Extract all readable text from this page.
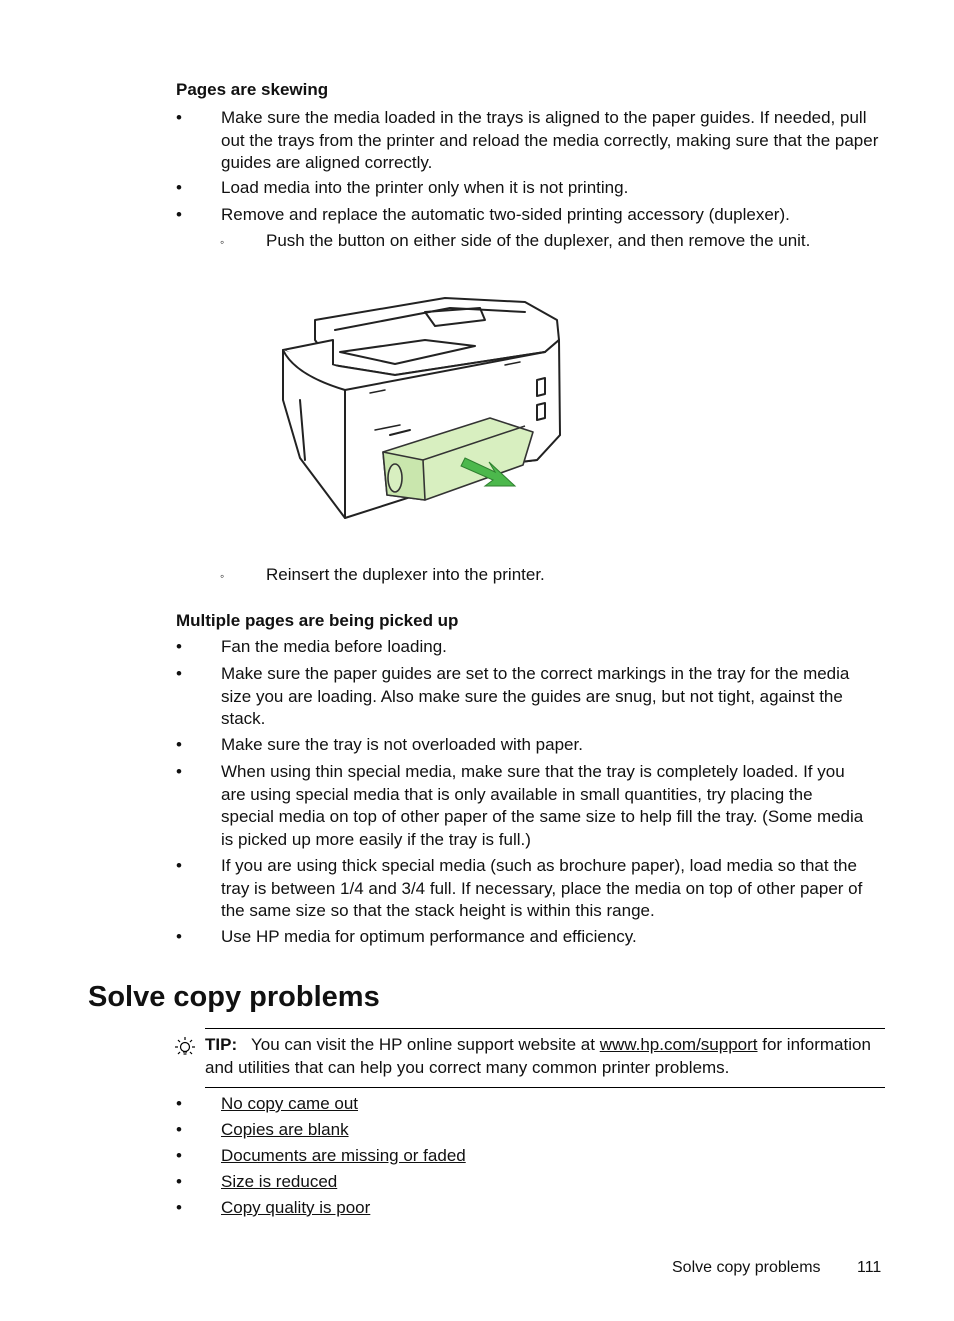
Pages are skewing
•	Make sure the media loaded in the trays is aligned to the paper guides. If needed, pull out the trays from the printer and reload the media correctly, making sure that the paper guides are aligned correctly.
•	Load media into the printer only when it is not printing.
•	Remove and replace the automatic two-sided printing accessory (duplexer).
◦ Push the button on either side of the duplexer, and then remove the unit.
◦ Reinsert the duplexer into the printer.
Multiple pages are being picked up
•	Fan the media before loading.
•	Make sure the paper guides are set to the correct markings in the tray for the media size you are loading. Also make sure the guides are snug, but not tight, against the stack.
•	Make sure the tray is not overloaded with paper.
•	When using thin special media, make sure that the tray is completely loaded. If you are using special media that is only available in small quantities, try placing the special media on top of other paper of the same size to help fill the tray. (Some media is picked up more easily if the tray is full.)
•	If you are using thick special media (such as brochure paper), load media so that the tray is between 1/4 and 3/4 full. If necessary, place the media on top of other paper of the same size so that the stack height is within this range.
•	Use HP media for optimum performance and efficiency.
Solve copy problems
TIP: You can visit the HP online support website at www.hp.com/support for information and utilities that can help you correct many common printer problems.
•	No copy came out
•	Copies are blank
•	Documents are missing or faded
•	Size is reduced
•	Copy quality is poor
Solve copy problems 111
